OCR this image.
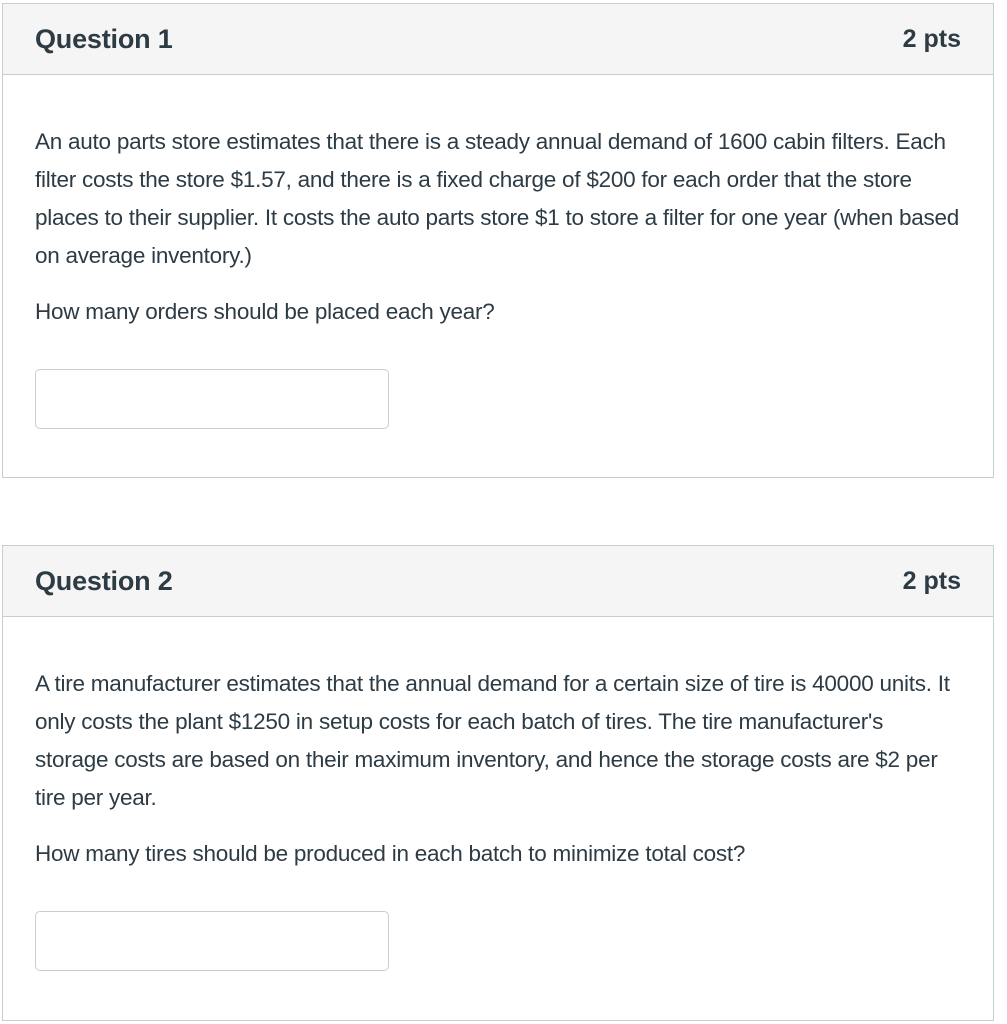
Question 1	2 pts

An auto parts store estimates that there is a steady annual demand of 1600 cabin filters. Each filter costs the store $1.57, and there is a fixed charge of $200 for each order that the store places to their supplier. It costs the auto parts store $1 to store a filter for one year (when based on average inventory.)

How many orders should be placed each year?

Question 2	2 pts

A tire manufacturer estimates that the annual demand for a certain size of tire is 40000 units. It only costs the plant $1250 in setup costs for each batch of tires. The tire manufacturer's storage costs are based on their maximum inventory, and hence the storage costs are $2 per tire per year.

How many tires should be produced in each batch to minimize total cost?
